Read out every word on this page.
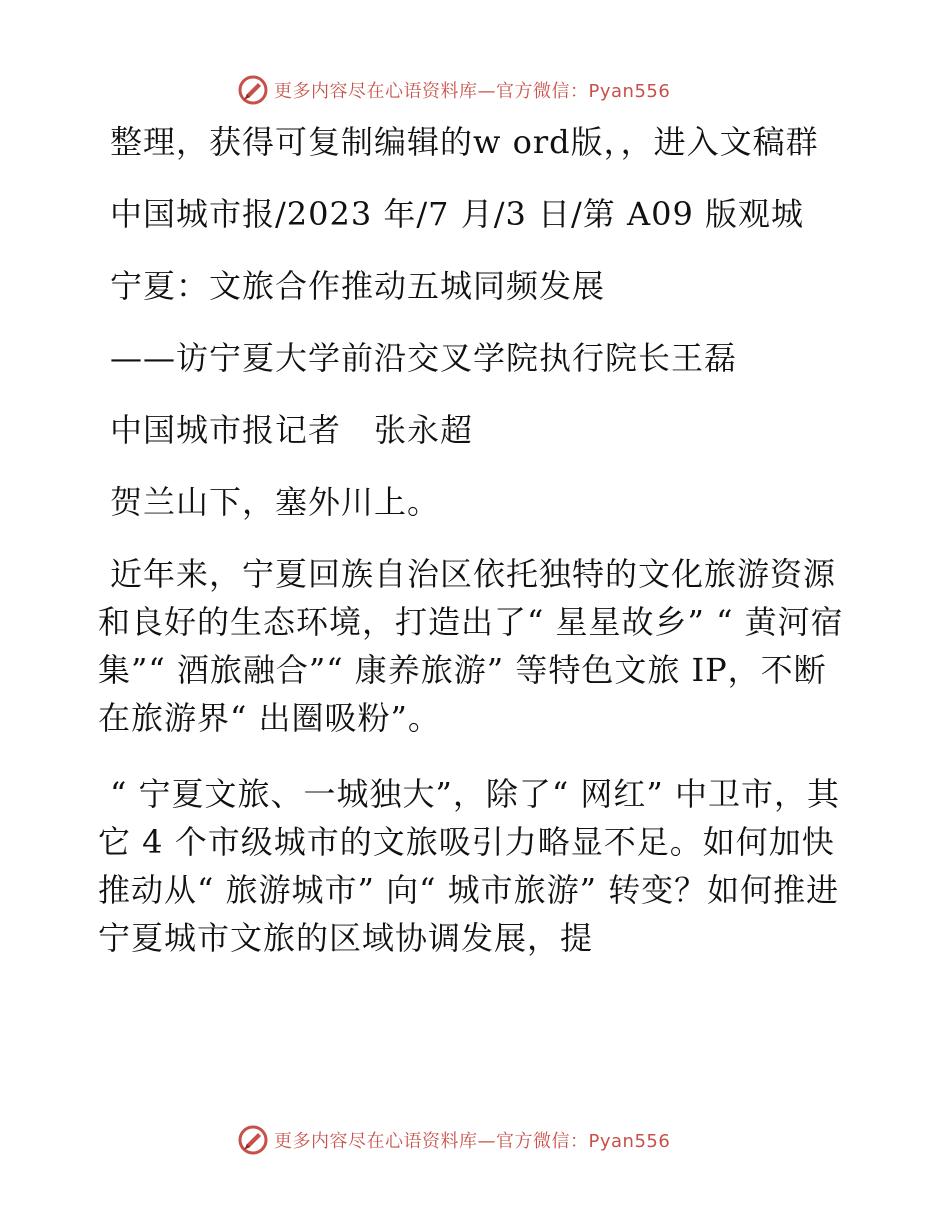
更多内容尽在心语资料库—官方微信：Pyan556

整理，获得可复制编辑的w ord版，，进入文稿群

中国城市报/2023 年/7 月/3 日/第 A09 版观城

宁夏：文旅合作推动五城同频发展

——访宁夏大学前沿交叉学院执行院长王磊

中国城市报记者　张永超

贺兰山下，塞外川上。

近年来，宁夏回族自治区依托独特的文化旅游资源和良好的生态环境，打造出了“ 星星故乡” “ 黄河宿集”“ 酒旅融合”“ 康养旅游” 等特色文旅 IP，不断在旅游界“ 出圈吸粉”。

“ 宁夏文旅、一城独大”，除了“ 网红” 中卫市，其它 4 个市级城市的文旅吸引力略显不足。如何加快推动从“ 旅游城市” 向“ 城市旅游” 转变？如何推进宁夏城市文旅的区域协调发展，提

更多内容尽在心语资料库—官方微信：Pyan556
